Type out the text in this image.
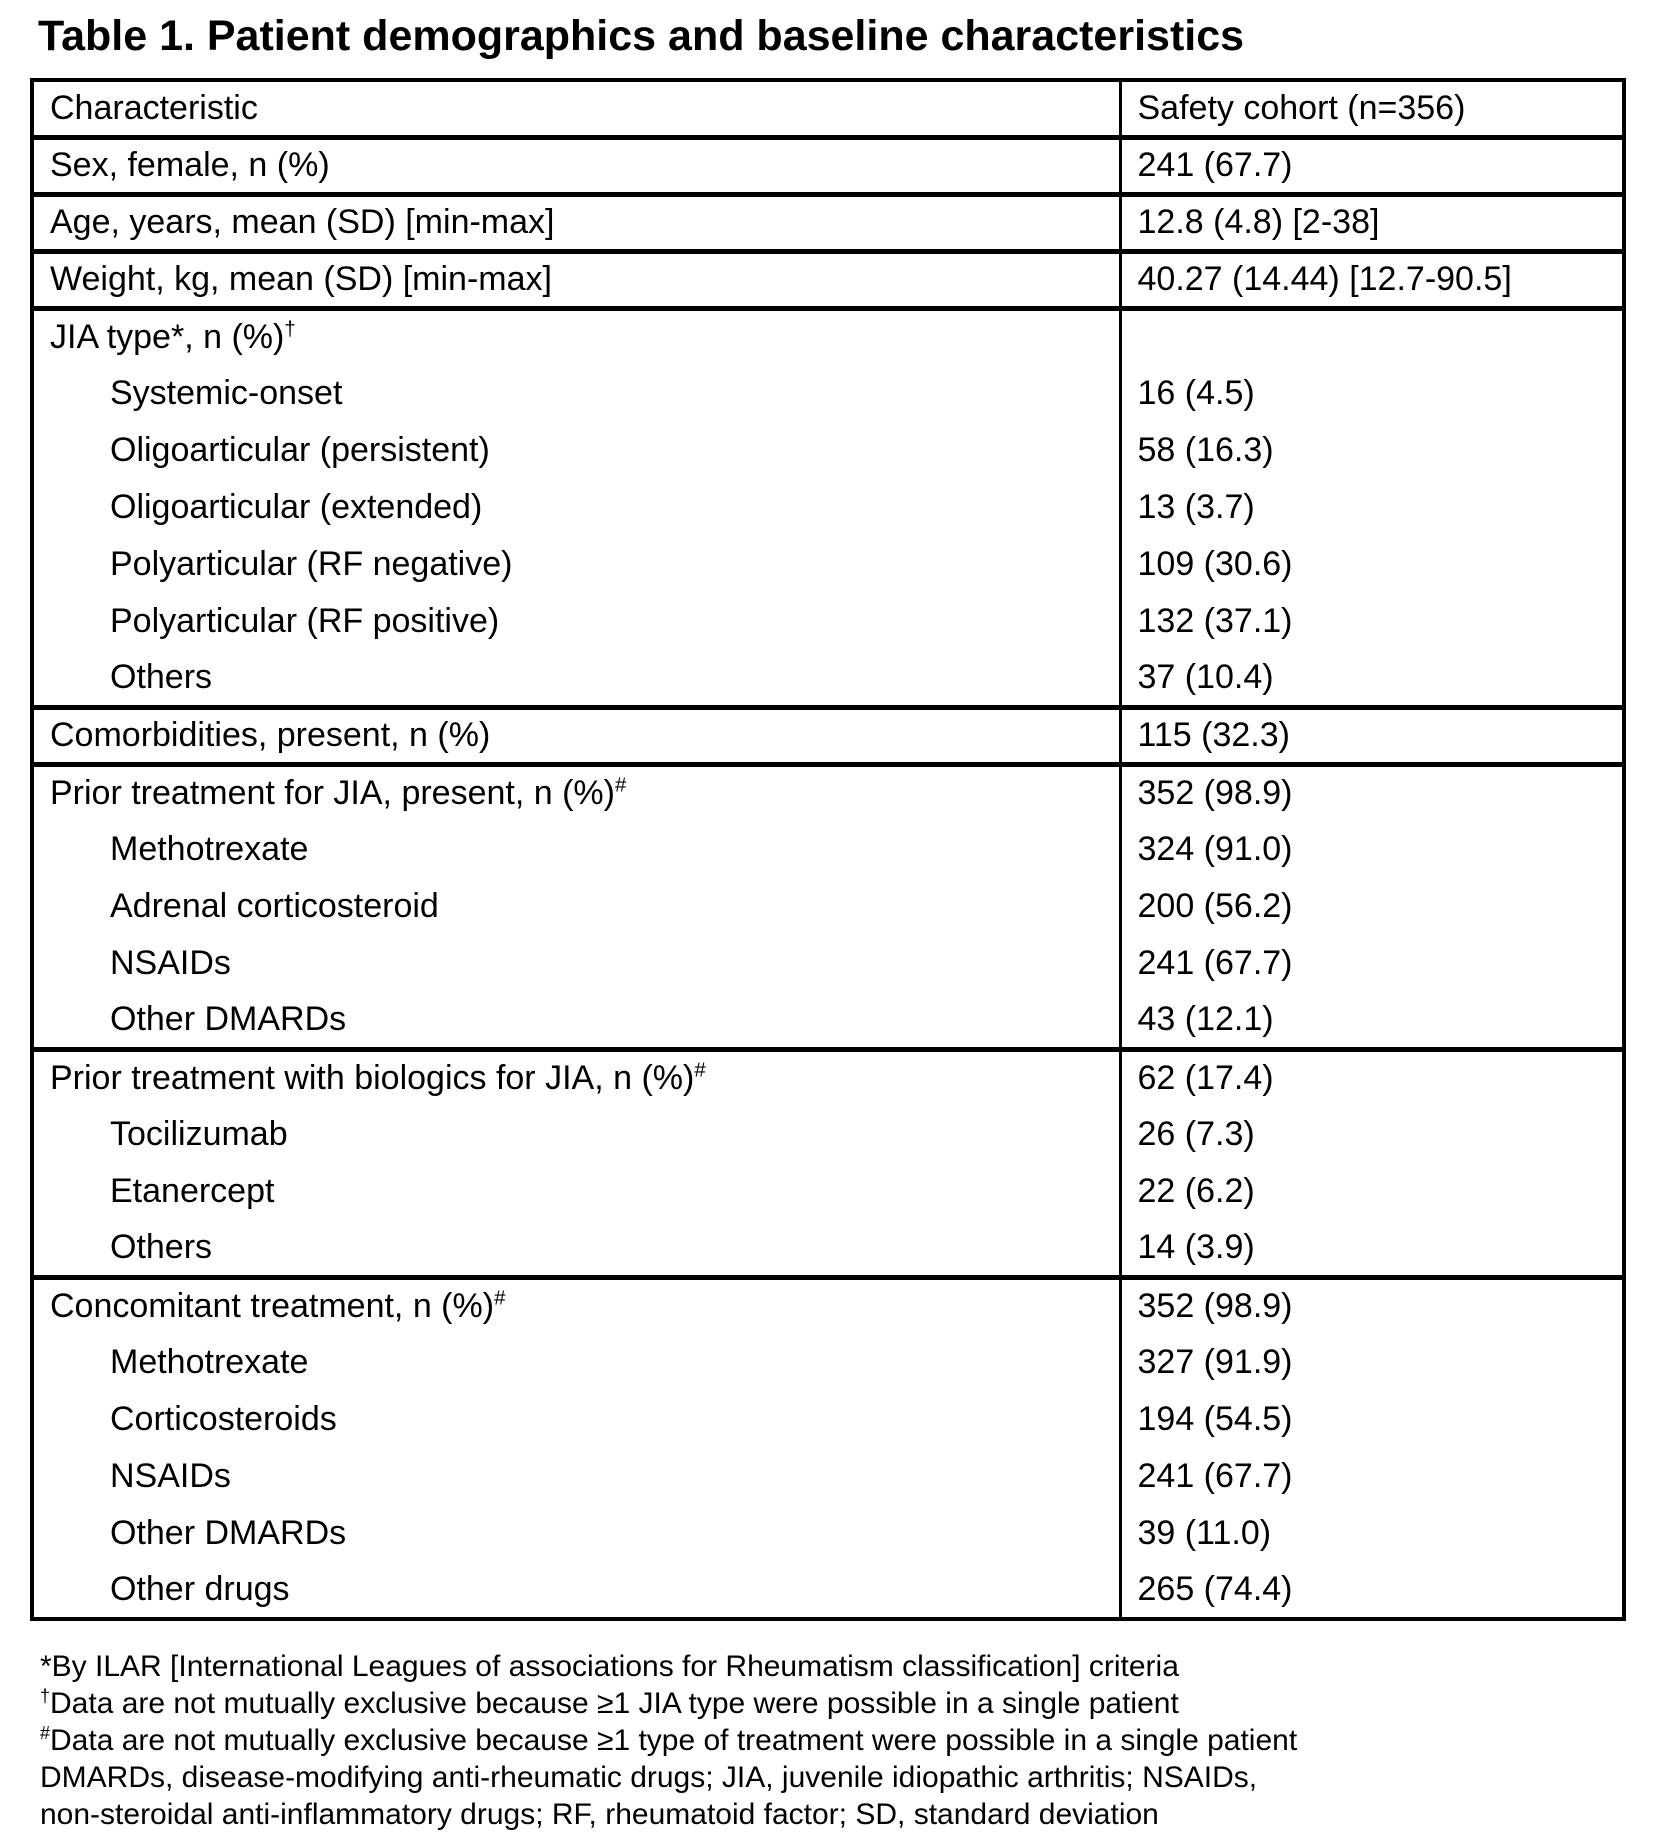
Table 1. Patient demographics and baseline characteristics
Characteristic	Safety cohort (n=356)
Sex, female, n (%)	241 (67.7)
Age, years, mean (SD) [min-max]	12.8 (4.8) [2-38]
Weight, kg, mean (SD) [min-max]	40.27 (14.44) [12.7-90.5]
JIA type*, n (%)†	
Systemic-onset	16 (4.5)
Oligoarticular (persistent)	58 (16.3)
Oligoarticular (extended)	13 (3.7)
Polyarticular (RF negative)	109 (30.6)
Polyarticular (RF positive)	132 (37.1)
Others	37 (10.4)
Comorbidities, present, n (%)	115 (32.3)
Prior treatment for JIA, present, n (%)#	352 (98.9)
Methotrexate	324 (91.0)
Adrenal corticosteroid	200 (56.2)
NSAIDs	241 (67.7)
Other DMARDs	43 (12.1)
Prior treatment with biologics for JIA, n (%)#	62 (17.4)
Tocilizumab	26 (7.3)
Etanercept	22 (6.2)
Others	14 (3.9)
Concomitant treatment, n (%)#	352 (98.9)
Methotrexate	327 (91.9)
Corticosteroids	194 (54.5)
NSAIDs	241 (67.7)
Other DMARDs	39 (11.0)
Other drugs	265 (74.4)
*By ILAR [International Leagues of associations for Rheumatism classification] criteria
†Data are not mutually exclusive because ≥1 JIA type were possible in a single patient
#Data are not mutually exclusive because ≥1 type of treatment were possible in a single patient
DMARDs, disease-modifying anti-rheumatic drugs; JIA, juvenile idiopathic arthritis; NSAIDs,
non-steroidal anti-inflammatory drugs; RF, rheumatoid factor; SD, standard deviation
